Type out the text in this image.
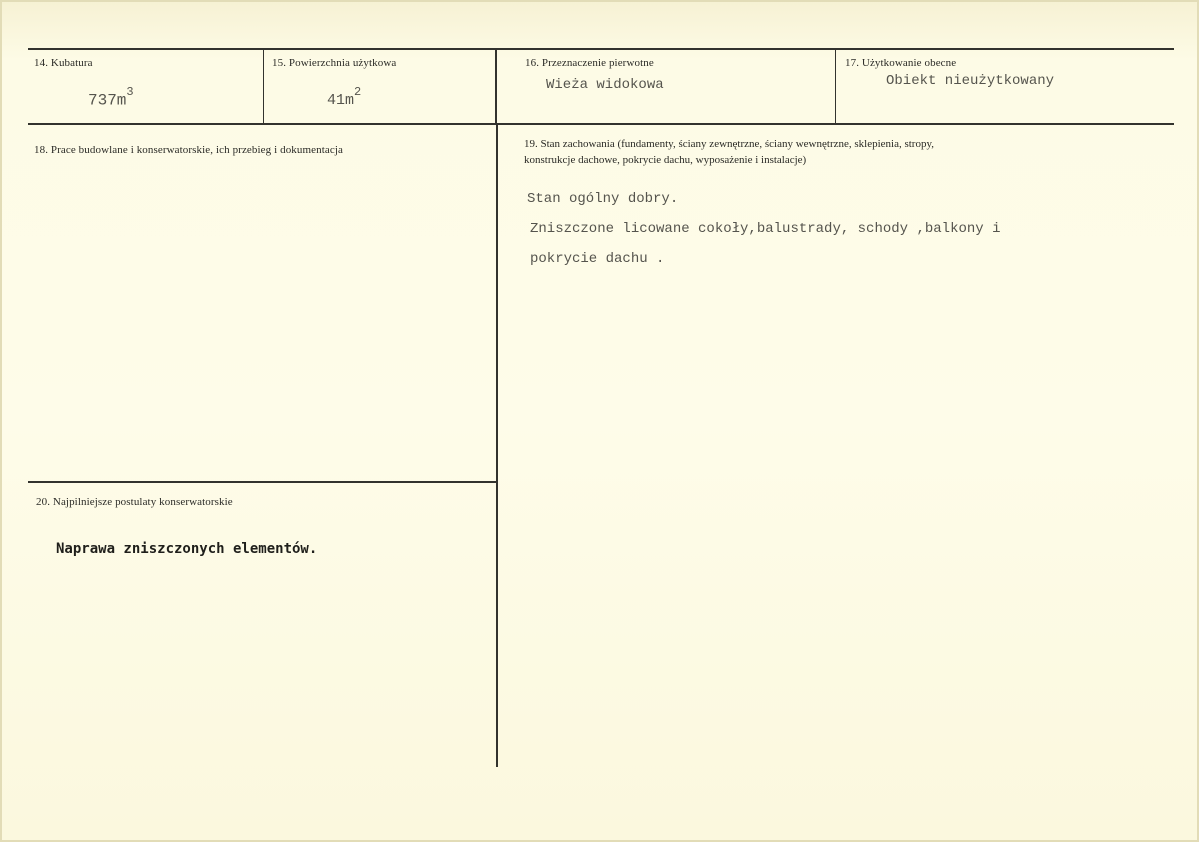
14. Kubatura
$737m^3$
15. Powierzchnia użytkowa
$41m^2$
16. Przeznaczenie pierwotne
Wieża widokowa
17. Użytkowanie obecne
Obiekt nieużytkowany
18. Prace budowlane i konserwatorskie, ich przebieg i dokumentacja	19. Stan zachowania (fundamenty, ściany zewnętrzne, ściany wewnętrzne, sklepienia, stropy,
konstrukcje dachowe, pokrycie dachu, wyposażenie i instalacje)
Stan ogólny dobry.
Zniszczone licowane cokoły,balustrady, schody ,balkony i
pokrycie dachu .
20. Najpilniejsze postulaty konserwatorskie
Naprawa zniszczonych elementów.
